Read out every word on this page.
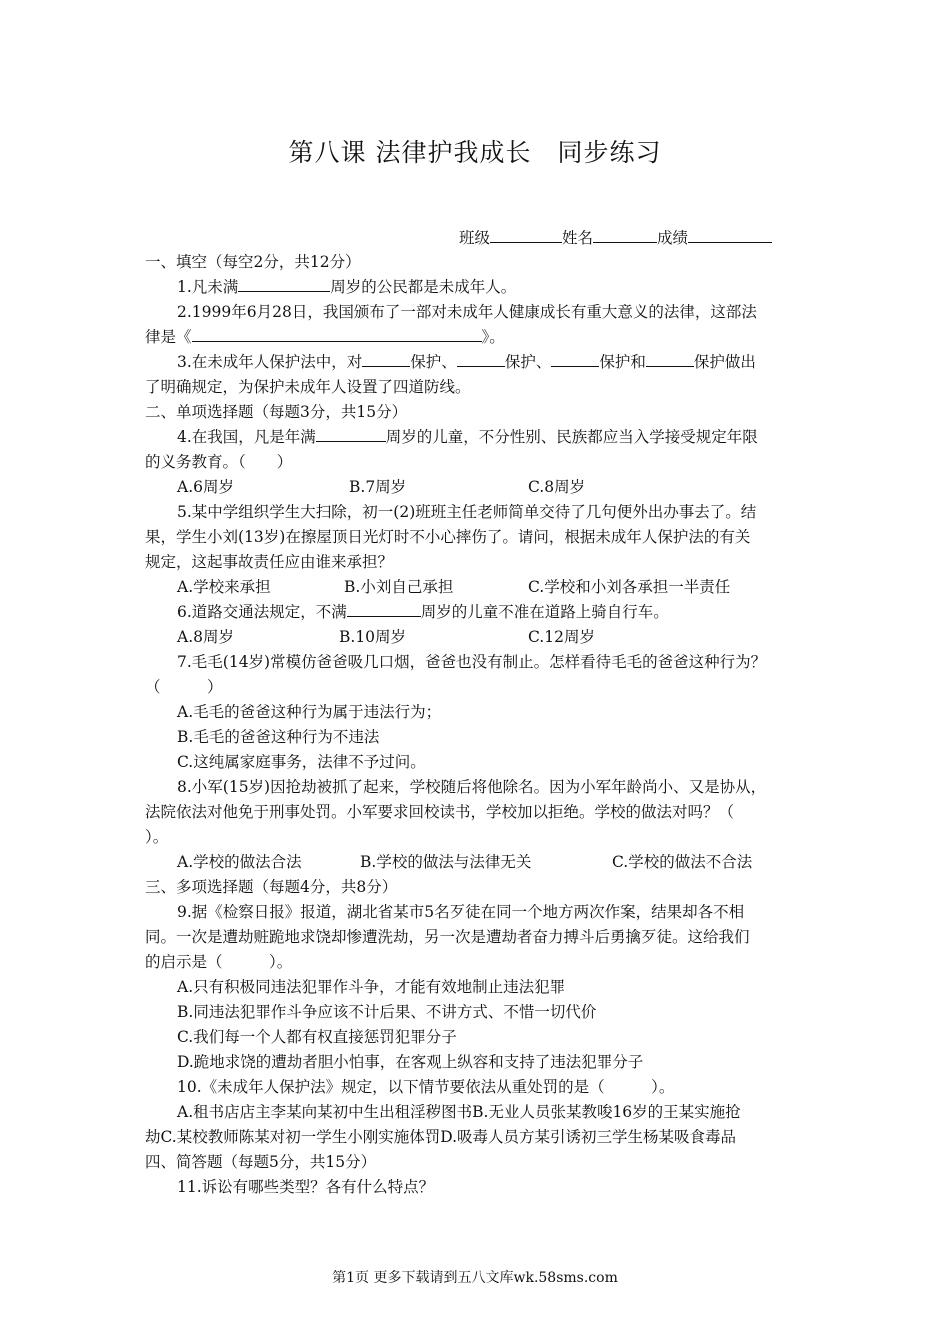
第八课 法律护我成长　同步练习
班级	姓名	成绩
一、填空（每空2分，共12分）
1.凡未满	周岁的公民都是未成年人。
2.1999年6月28日，我国颁布了一部对未成年人健康成长有重大意义的法律，这部法
律是《	》。
3.在未成年人保护法中，对	保护、	保护、	保护和	保护做出
了明确规定，为保护未成年人设置了四道防线。
二、单项选择题（每题3分，共15分）
4.在我国，凡是年满	周岁的儿童，不分性别、民族都应当入学接受规定年限
的义务教育。（　　）
A.6周岁	B.7周岁	C.8周岁
5.某中学组织学生大扫除，初一(2)班班主任老师简单交待了几句便外出办事去了。结
果，学生小刘(13岁)在擦屋顶日光灯时不小心摔伤了。请问，根据未成年人保护法的有关
规定，这起事故责任应由谁来承担？
A.学校来承担	B.小刘自己承担	C.学校和小刘各承担一半责任
6.道路交通法规定，不满	周岁的儿童不准在道路上骑自行车。
A.8周岁	B.10周岁	C.12周岁
7.毛毛(14岁)常模仿爸爸吸几口烟，爸爸也没有制止。怎样看待毛毛的爸爸这种行为？
（　　　）
A.毛毛的爸爸这种行为属于违法行为；
B.毛毛的爸爸这种行为不违法
C.这纯属家庭事务，法律不予过问。
8.小军(15岁)因抢劫被抓了起来，学校随后将他除名。因为小军年龄尚小、又是协从，
法院依法对他免于刑事处罚。小军要求回校读书，学校加以拒绝。学校的做法对吗？（
）。
A.学校的做法合法	B.学校的做法与法律无关	C.学校的做法不合法
三、多项选择题（每题4分，共8分）
9.据《检察日报》报道，湖北省某市5名歹徒在同一个地方两次作案，结果却各不相
同。一次是遭劫赃跪地求饶却惨遭洗劫，另一次是遭劫者奋力搏斗后勇擒歹徒。这给我们
的启示是（　　　）。
A.只有积极同违法犯罪作斗争，才能有效地制止违法犯罪
B.同违法犯罪作斗争应该不计后果、不讲方式、不惜一切代价
C.我们每一个人都有权直接惩罚犯罪分子
D.跪地求饶的遭劫者胆小怕事，在客观上纵容和支持了违法犯罪分子
10.《未成年人保护法》规定，以下情节要依法从重处罚的是（　　　）。
A.租书店店主李某向某初中生出租淫秽图书B.无业人员张某教唆16岁的王某实施抢
劫C.某校教师陈某对初一学生小刚实施体罚D.吸毒人员方某引诱初三学生杨某吸食毒品
四、简答题（每题5分，共15分）
11.诉讼有哪些类型？各有什么特点？
第1页 更多下载请到五八文库wk.58sms.com
